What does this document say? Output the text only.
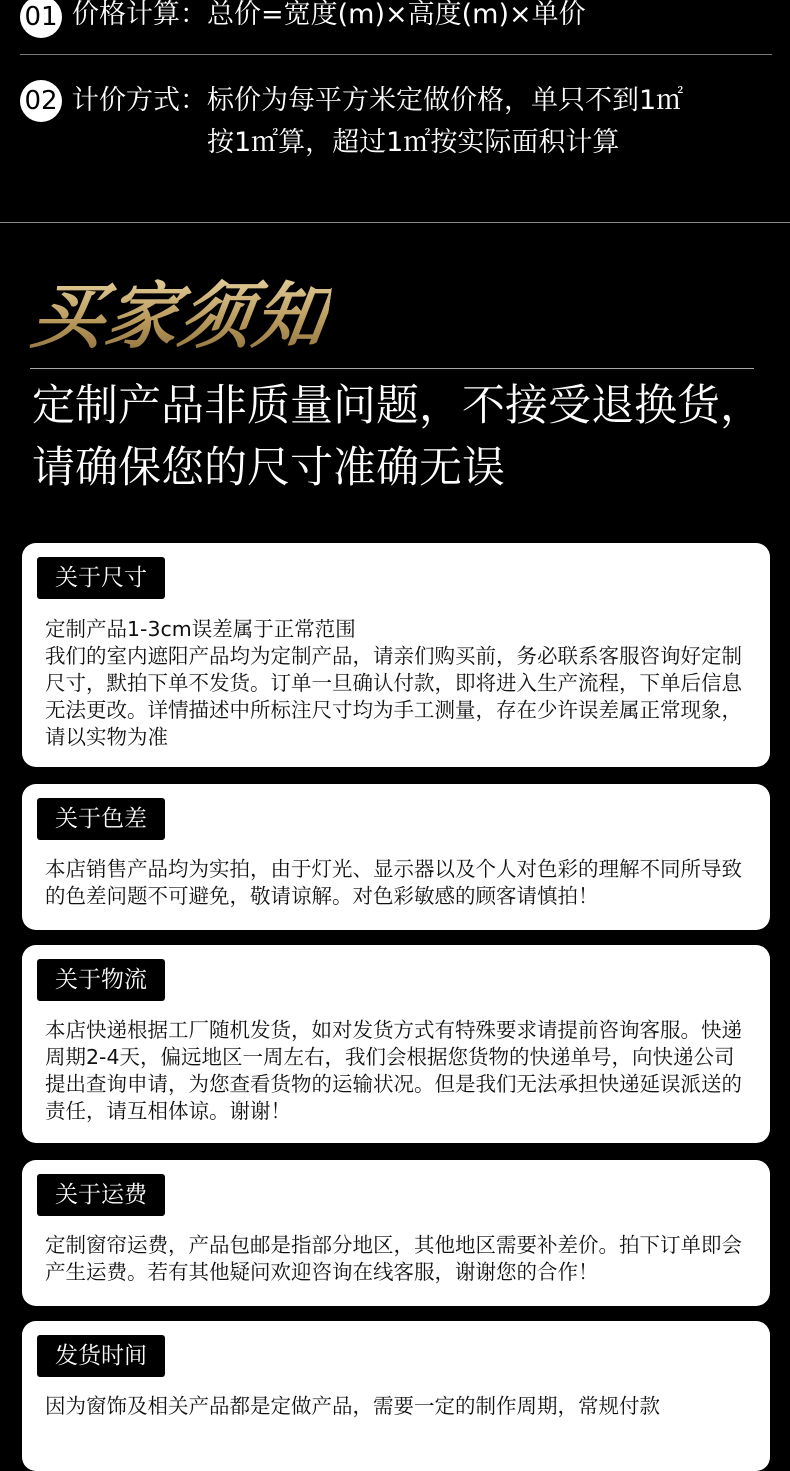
01 价格计算： 总价=宽度(m)×高度(m)×单价
02 计价方式： 标价为每平方米定做价格，单只不到1㎡
按1㎡算，超过1㎡按实际面积计算
买家须知
定制产品非质量问题，不接受退换货，请确保您的尺寸准确无误
关于尺寸
定制产品1-3cm误差属于正常范围
我们的室内遮阳产品均为定制产品，请亲们购买前，务必联系客服咨询好定制尺寸，默拍下单不发货。订单一旦确认付款，即将进入生产流程，下单后信息无法更改。详情描述中所标注尺寸均为手工测量，存在少许误差属正常现象，请以实物为准
关于色差
本店销售产品均为实拍，由于灯光、显示器以及个人对色彩的理解不同所导致的色差问题不可避免，敬请谅解。对色彩敏感的顾客请慎拍！
关于物流
本店快递根据工厂随机发货，如对发货方式有特殊要求请提前咨询客服。快递周期2-4天，偏远地区一周左右，我们会根据您货物的快递单号，向快递公司提出查询申请，为您查看货物的运输状况。但是我们无法承担快递延误派送的责任，请互相体谅。谢谢！
关于运费
定制窗帘运费，产品包邮是指部分地区，其他地区需要补差价。拍下订单即会产生运费。若有其他疑问欢迎咨询在线客服，谢谢您的合作！
发货时间
因为窗饰及相关产品都是定做产品，需要一定的制作周期，常规付款
